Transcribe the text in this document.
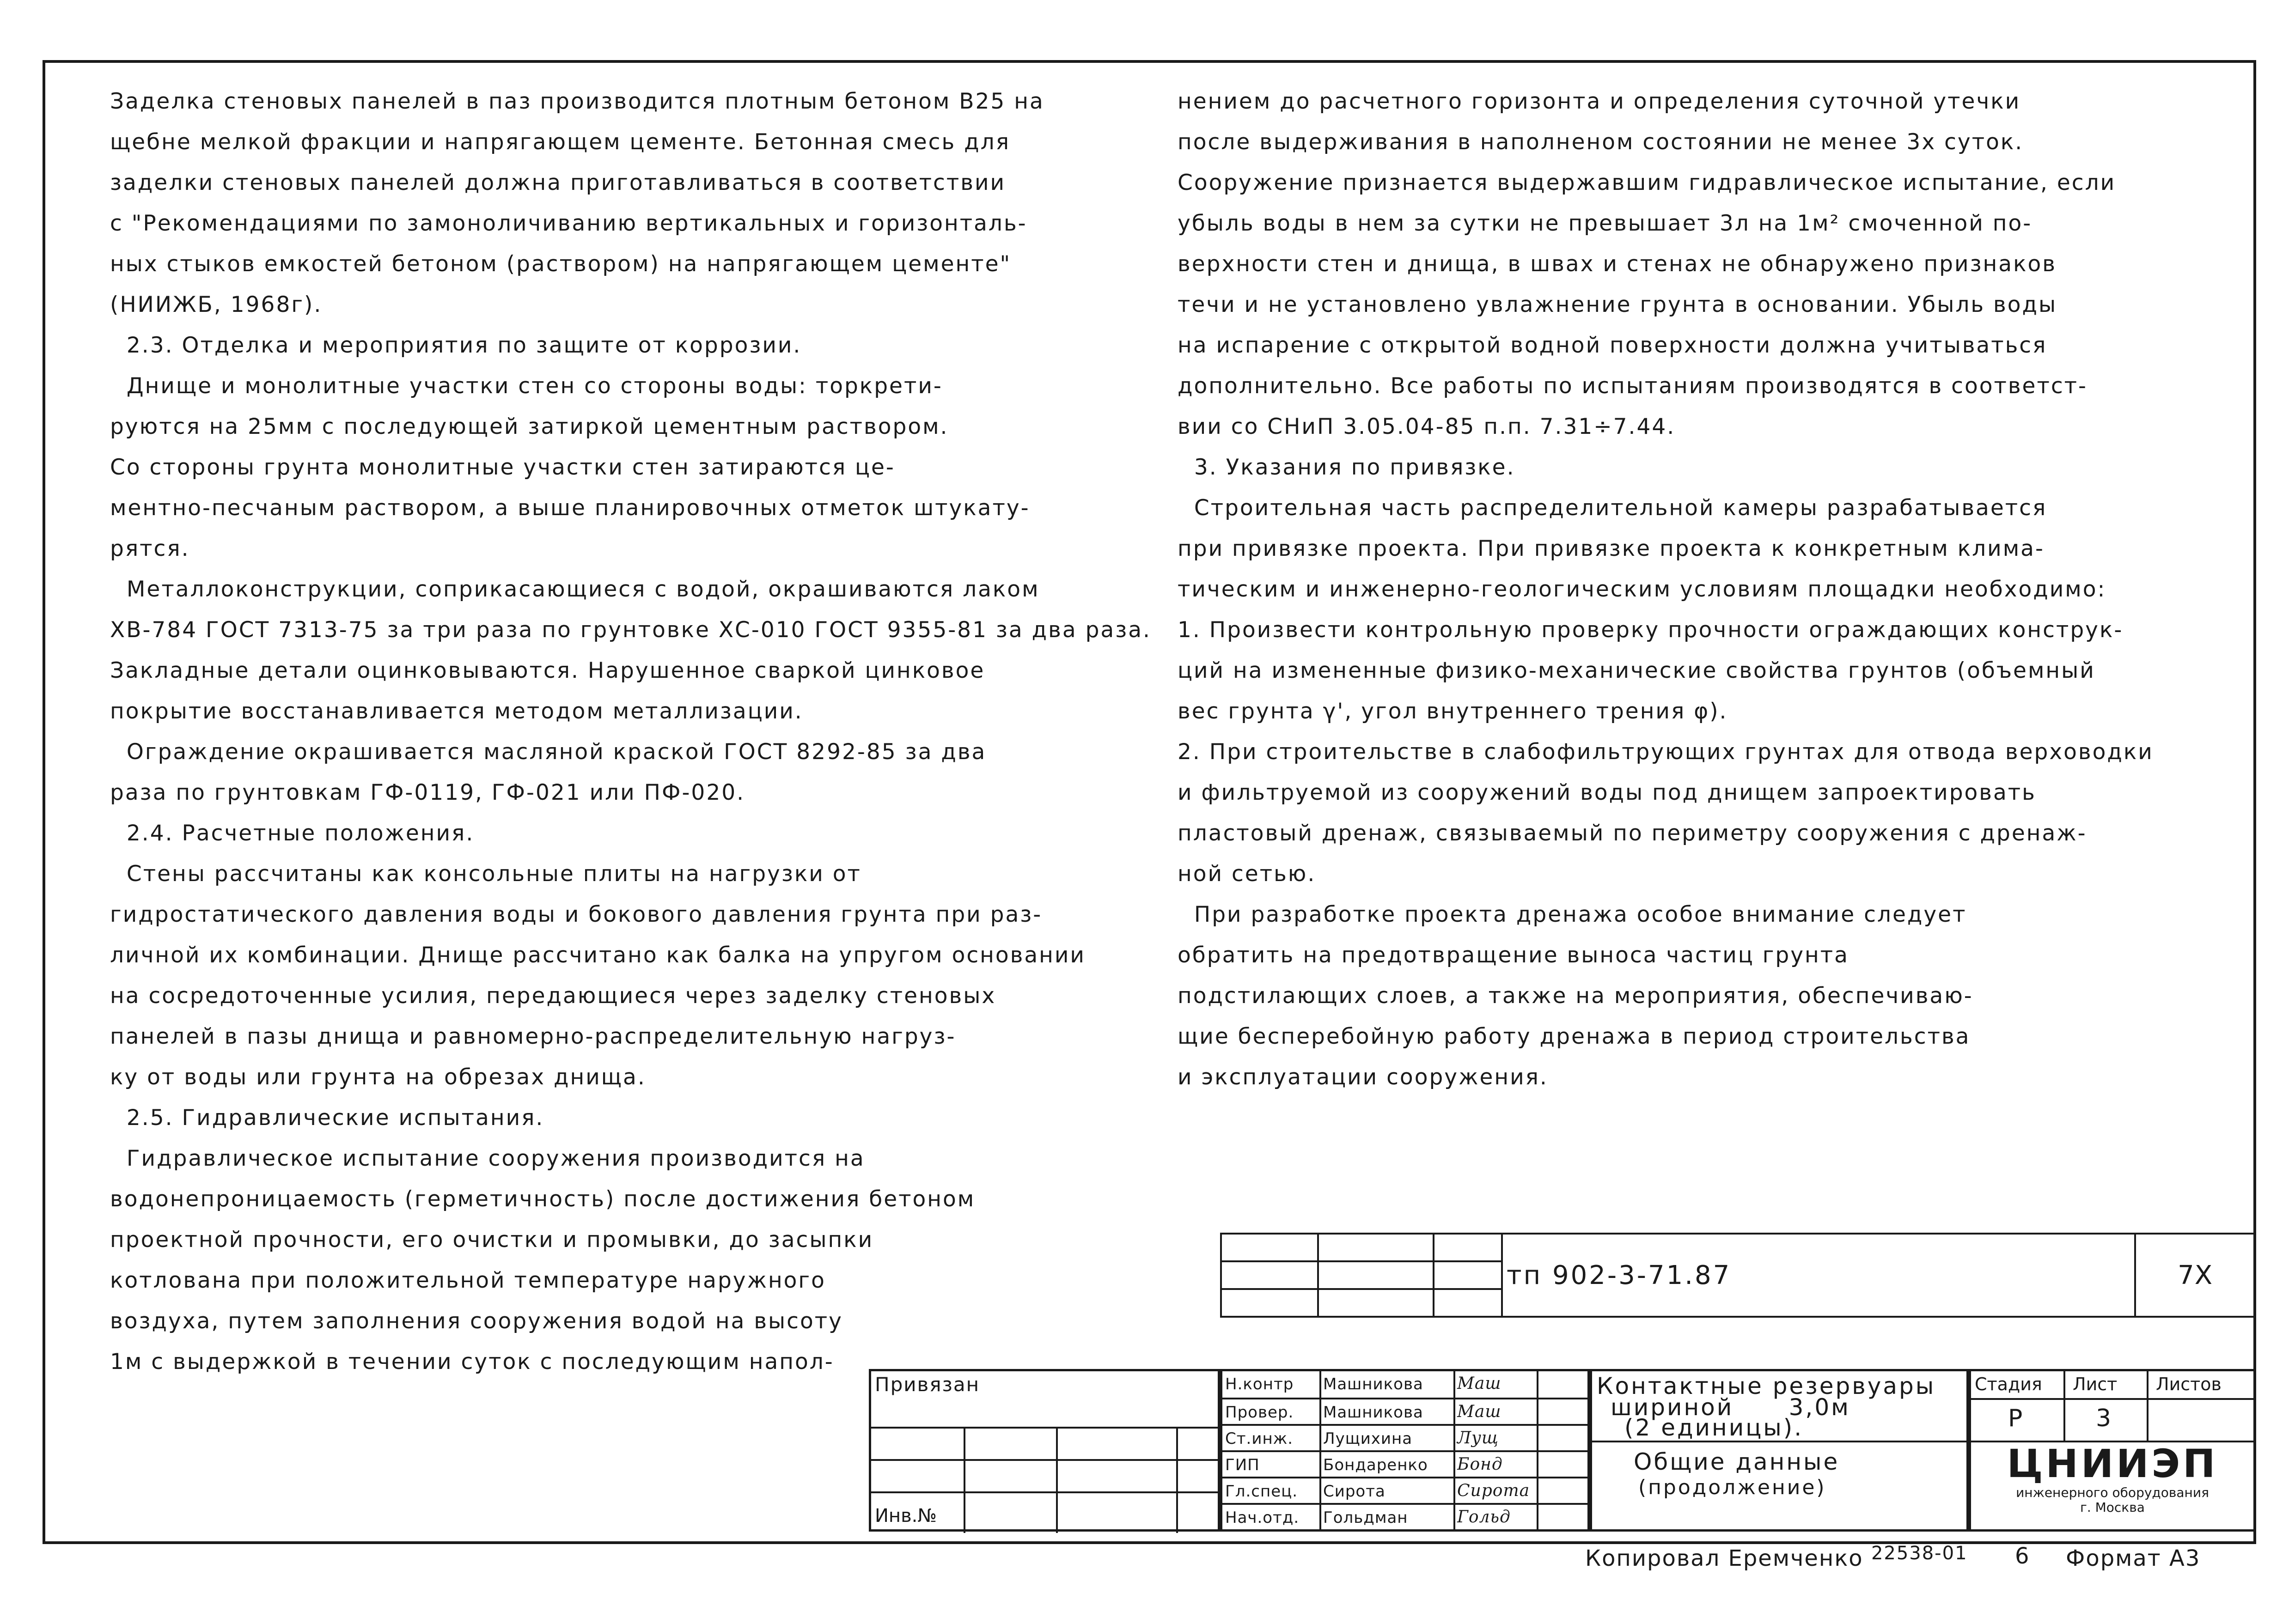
Заделка стеновых панелей в паз производится плотным бетоном В25 на

щебне мелкой фракции и напрягающем цементе. Бетонная смесь для

заделки стеновых панелей должна приготавливаться в соответствии

с "Рекомендациями по замоноличиванию вертикальных и горизонталь-

ных стыков емкостей бетоном (раствором) на напрягающем цементе"

(НИИЖБ, 1968г).

2.3. Отделка и мероприятия по защите от коррозии.

Днище и монолитные участки стен со стороны воды: торкрети-

руются на 25мм с последующей затиркой цементным раствором.

Со стороны грунта монолитные участки стен затираются це-

ментно-песчаным раствором, а выше планировочных отметок штукату-

рятся.

Металлоконструкции, соприкасающиеся с водой, окрашиваются лаком

ХВ-784 ГОСТ 7313-75 за три раза по грунтовке ХС-010 ГОСТ 9355-81 за два раза.

Закладные детали оцинковываются. Нарушенное сваркой цинковое

покрытие восстанавливается методом металлизации.

Ограждение окрашивается масляной краской ГОСТ 8292-85 за два

раза по грунтовкам ГФ-0119, ГФ-021 или ПФ-020.

2.4. Расчетные положения.

Стены рассчитаны как консольные плиты на нагрузки от

гидростатического давления воды и бокового давления грунта при раз-

личной их комбинации. Днище рассчитано как балка на упругом основании

на сосредоточенные усилия, передающиеся через заделку стеновых

панелей в пазы днища и равномерно-распределительную нагруз-

ку от воды или грунта на обрезах днища.

2.5. Гидравлические испытания.

Гидравлическое испытание сооружения производится на

водонепроницаемость (герметичность) после достижения бетоном

проектной прочности, его очистки и промывки, до засыпки

котлована при положительной температуре наружного

воздуха, путем заполнения сооружения водой на высоту

1м с выдержкой в течении суток с последующим напол-

нением до расчетного горизонта и определения суточной утечки

после выдерживания в наполненом состоянии не менее 3х суток.

Сооружение признается выдержавшим гидравлическое испытание, если

убыль воды в нем за сутки не превышает 3л на 1м² смоченной по-

верхности стен и днища, в швах и стенах не обнаружено признаков

течи и не установлено увлажнение грунта в основании. Убыль воды

на испарение с открытой водной поверхности должна учитываться

дополнительно. Все работы по испытаниям производятся в соответст-

вии со СНиП 3.05.04-85 п.п. 7.31÷7.44.

3. Указания по привязке.

Строительная часть распределительной камеры разрабатывается

при привязке проекта. При привязке проекта к конкретным клима-

тическим и инженерно-геологическим условиям площадки необходимо:

1. Произвести контрольную проверку прочности ограждающих конструк-

ций на измененные физико-механические свойства грунтов (объемный

вес грунта γ', угол внутреннего трения φ).

2. При строительстве в слабофильтрующих грунтах для отвода верховодки

и фильтруемой из сооружений воды под днищем запроектировать

пластовый дренаж, связываемый по периметру сооружения с дренаж-

ной сетью.

При разработке проекта дренажа особое внимание следует

обратить на предотвращение выноса частиц грунта

подстилающих слоев, а также на мероприятия, обеспечиваю-

щие бесперебойную работу дренажа в период строительства

и эксплуатации сооружения.

			тп 902-3-71.87	7Х

Привязан
Инв.№
Н.контр Машникова Маш
Провер. Машникова Маш
Ст.инж. Лущихина	Лущ
ГИП	Бондаренко Бонд
Гл.спец. Сирота	Сирота
Нач.отд. Гольдман	Гольд
Контактные резервуары
шириной      3,0м
(2 единицы).
Общие данные
(продолжение)
Стадия Лист Листов
Р	3
ЦНИИЭП
инженерного оборудования
г. Москва
Копировал Еремченко $^{22538-01}$ 6 Формат А3
